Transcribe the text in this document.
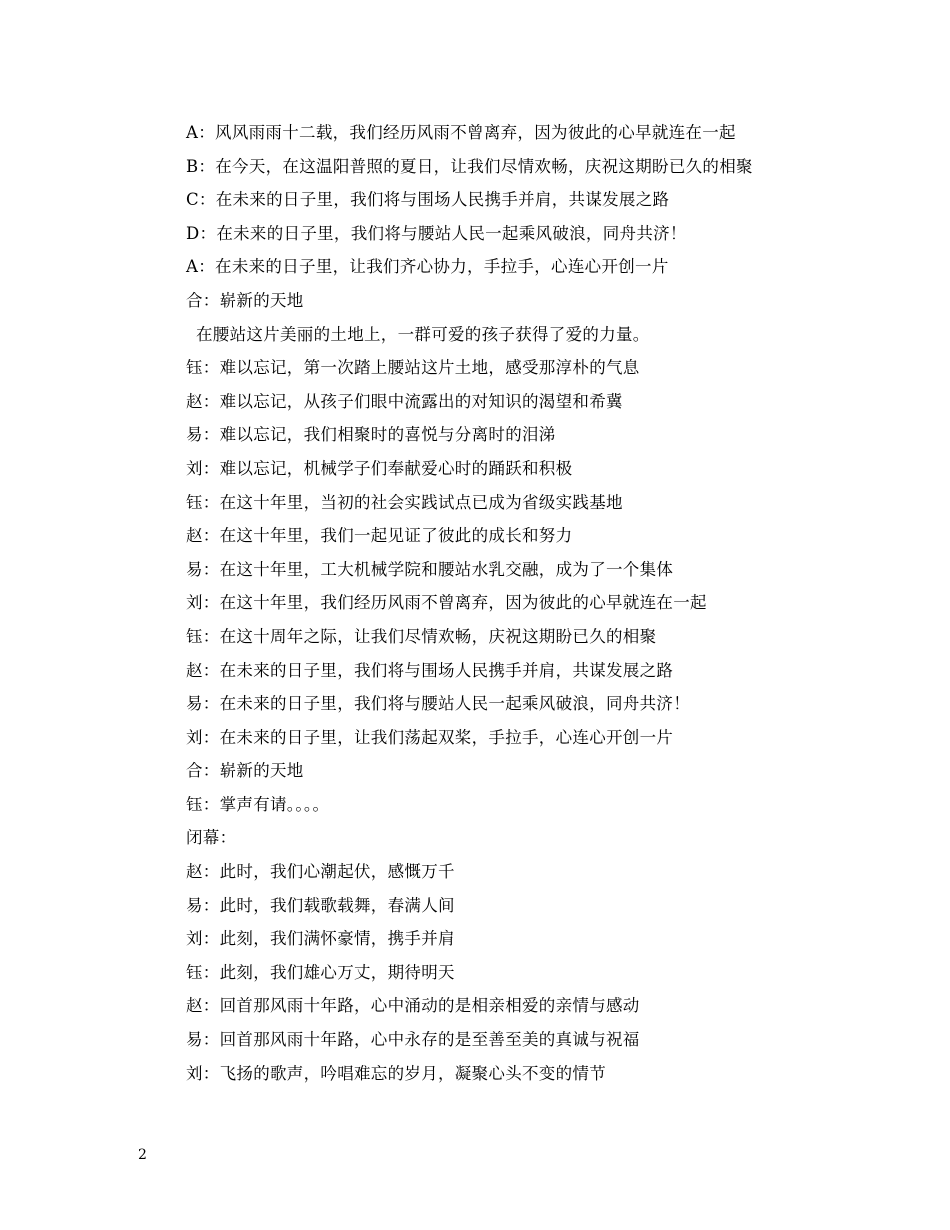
A：风风雨雨十二载，我们经历风雨不曾离弃，因为彼此的心早就连在一起
B：在今天，在这温阳普照的夏日，让我们尽情欢畅，庆祝这期盼已久的相聚
C：在未来的日子里，我们将与围场人民携手并肩，共谋发展之路
D：在未来的日子里，我们将与腰站人民一起乘风破浪，同舟共济！
A：在未来的日子里，让我们齐心协力，手拉手，心连心开创一片
合：崭新的天地
在腰站这片美丽的土地上，一群可爱的孩子获得了爱的力量。
钰：难以忘记，第一次踏上腰站这片土地，感受那淳朴的气息
赵：难以忘记，从孩子们眼中流露出的对知识的渴望和希冀
易：难以忘记，我们相聚时的喜悦与分离时的泪涕
刘：难以忘记，机械学子们奉献爱心时的踊跃和积极
钰：在这十年里，当初的社会实践试点已成为省级实践基地
赵：在这十年里，我们一起见证了彼此的成长和努力
易：在这十年里，工大机械学院和腰站水乳交融，成为了一个集体
刘：在这十年里，我们经历风雨不曾离弃，因为彼此的心早就连在一起
钰：在这十周年之际，让我们尽情欢畅，庆祝这期盼已久的相聚
赵：在未来的日子里，我们将与围场人民携手并肩，共谋发展之路
易：在未来的日子里，我们将与腰站人民一起乘风破浪，同舟共济！
刘：在未来的日子里，让我们荡起双桨，手拉手，心连心开创一片
合：崭新的天地
钰：掌声有请。。。。
闭幕：
赵：此时，我们心潮起伏，感慨万千
易：此时，我们载歌载舞，春满人间
刘：此刻，我们满怀豪情，携手并肩
钰：此刻，我们雄心万丈，期待明天
赵：回首那风雨十年路，心中涌动的是相亲相爱的亲情与感动
易：回首那风雨十年路，心中永存的是至善至美的真诚与祝福
刘：飞扬的歌声，吟唱难忘的岁月，凝聚心头不变的情节
2
